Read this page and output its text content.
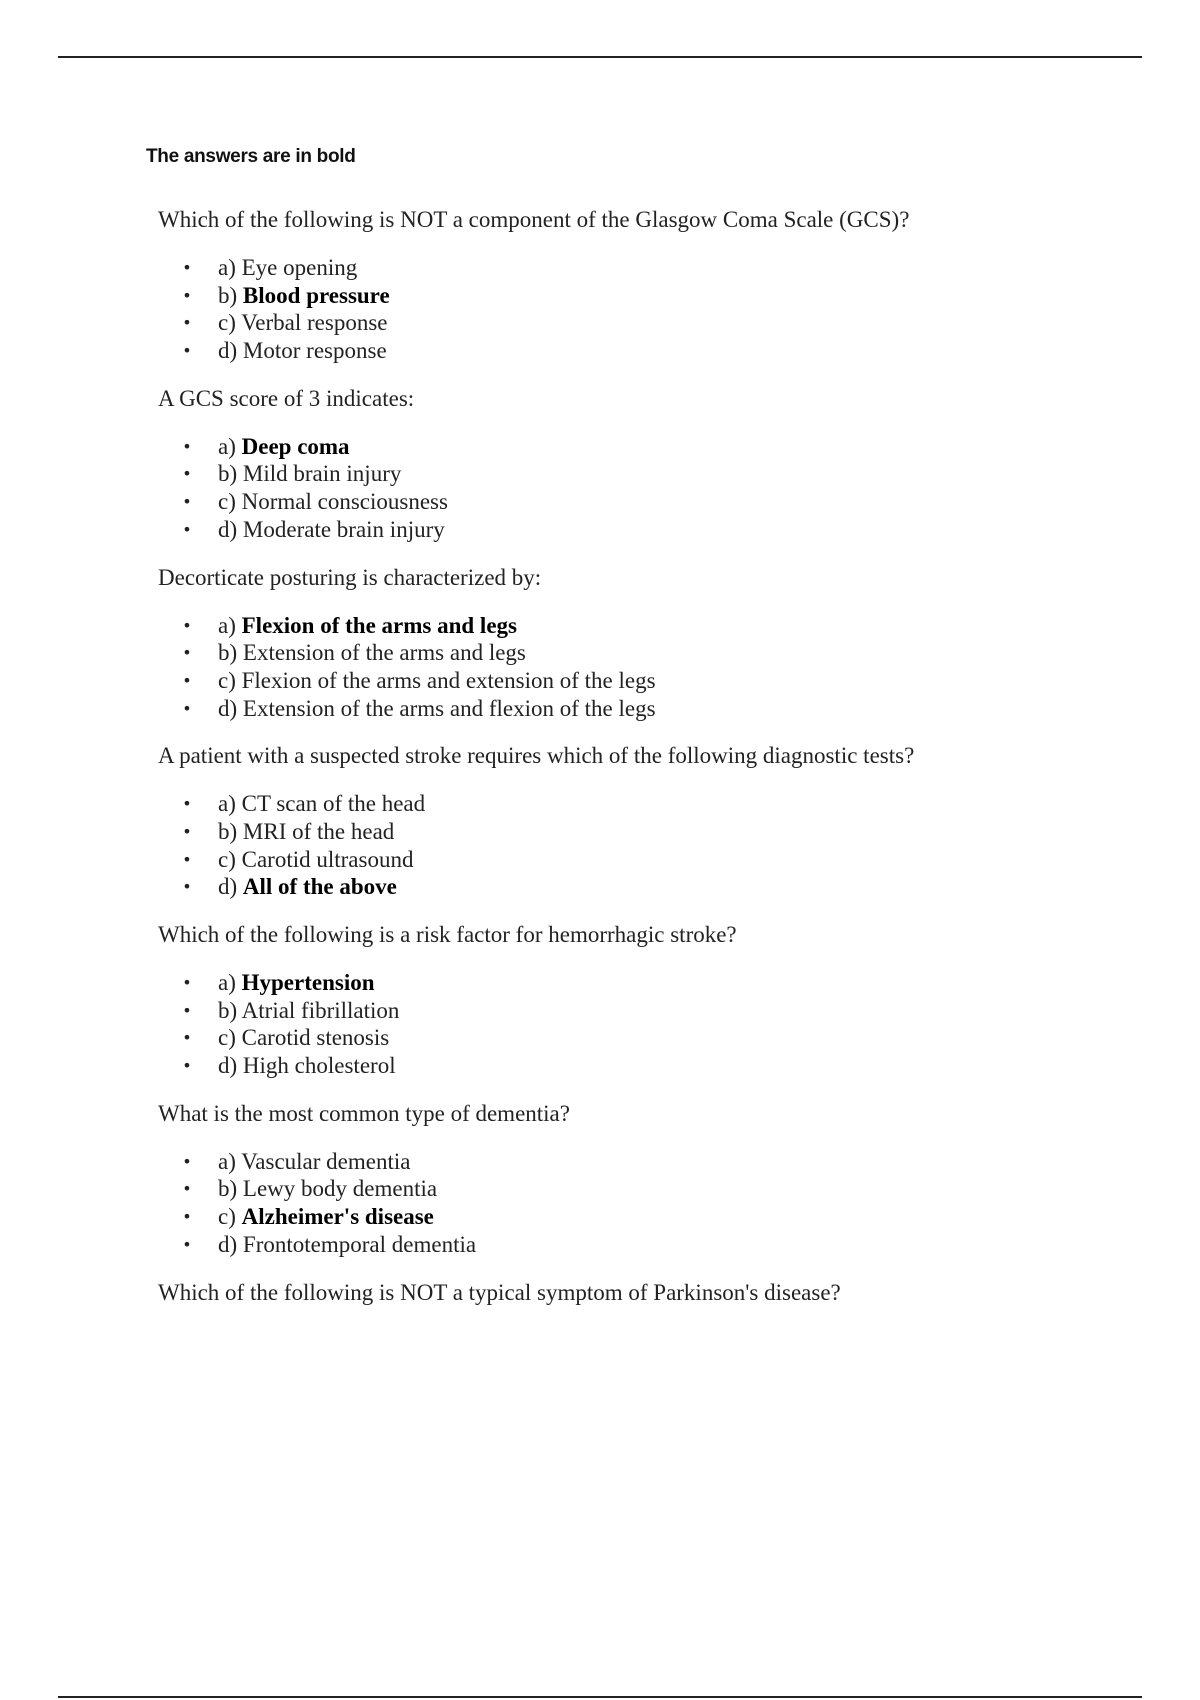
The answers are in bold

Which of the following is NOT a component of the Glasgow Coma Scale (GCS)?

• a) Eye opening
• b) Blood pressure
• c) Verbal response
• d) Motor response

A GCS score of 3 indicates:

• a) Deep coma
• b) Mild brain injury
• c) Normal consciousness
• d) Moderate brain injury

Decorticate posturing is characterized by:

• a) Flexion of the arms and legs
• b) Extension of the arms and legs
• c) Flexion of the arms and extension of the legs
• d) Extension of the arms and flexion of the legs

A patient with a suspected stroke requires which of the following diagnostic tests?

• a) CT scan of the head
• b) MRI of the head
• c) Carotid ultrasound
• d) All of the above

Which of the following is a risk factor for hemorrhagic stroke?

• a) Hypertension
• b) Atrial fibrillation
• c) Carotid stenosis
• d) High cholesterol

What is the most common type of dementia?

• a) Vascular dementia
• b) Lewy body dementia
• c) Alzheimer's disease
• d) Frontotemporal dementia

Which of the following is NOT a typical symptom of Parkinson's disease?
